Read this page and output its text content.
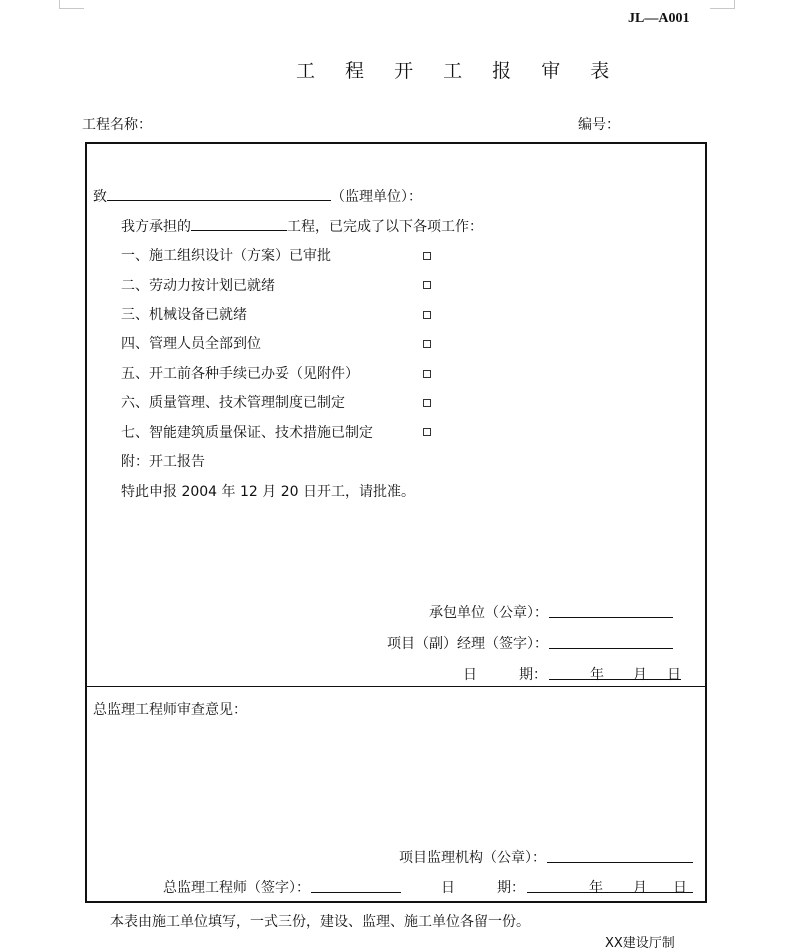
JL—A001
工 程 开 工 报 审 表
工程名称：	编号：
致	（监理单位）：
我方承担的	工程，已完成了以下各项工作：
一、施工组织设计（方案）已审批
二、劳动力按计划已就绪
三、机械设备已就绪
四、管理人员全部到位
五、开工前各种手续已办妥（见附件）
六、质量管理、技术管理制度已制定
七、智能建筑质量保证、技术措施已制定
附：开工报告
特此申报 2004 年 12 月 20 日开工，请批准。
承包单位（公章）：
项目（副）经理（签字）：
日	期：	年 月 日
总监理工程师审查意见：
项目监理机构（公章）：
总监理工程师（签字）：	日	期：	年 月 日
本表由施工单位填写，一式三份，建设、监理、施工单位各留一份。
XX建设厅制
